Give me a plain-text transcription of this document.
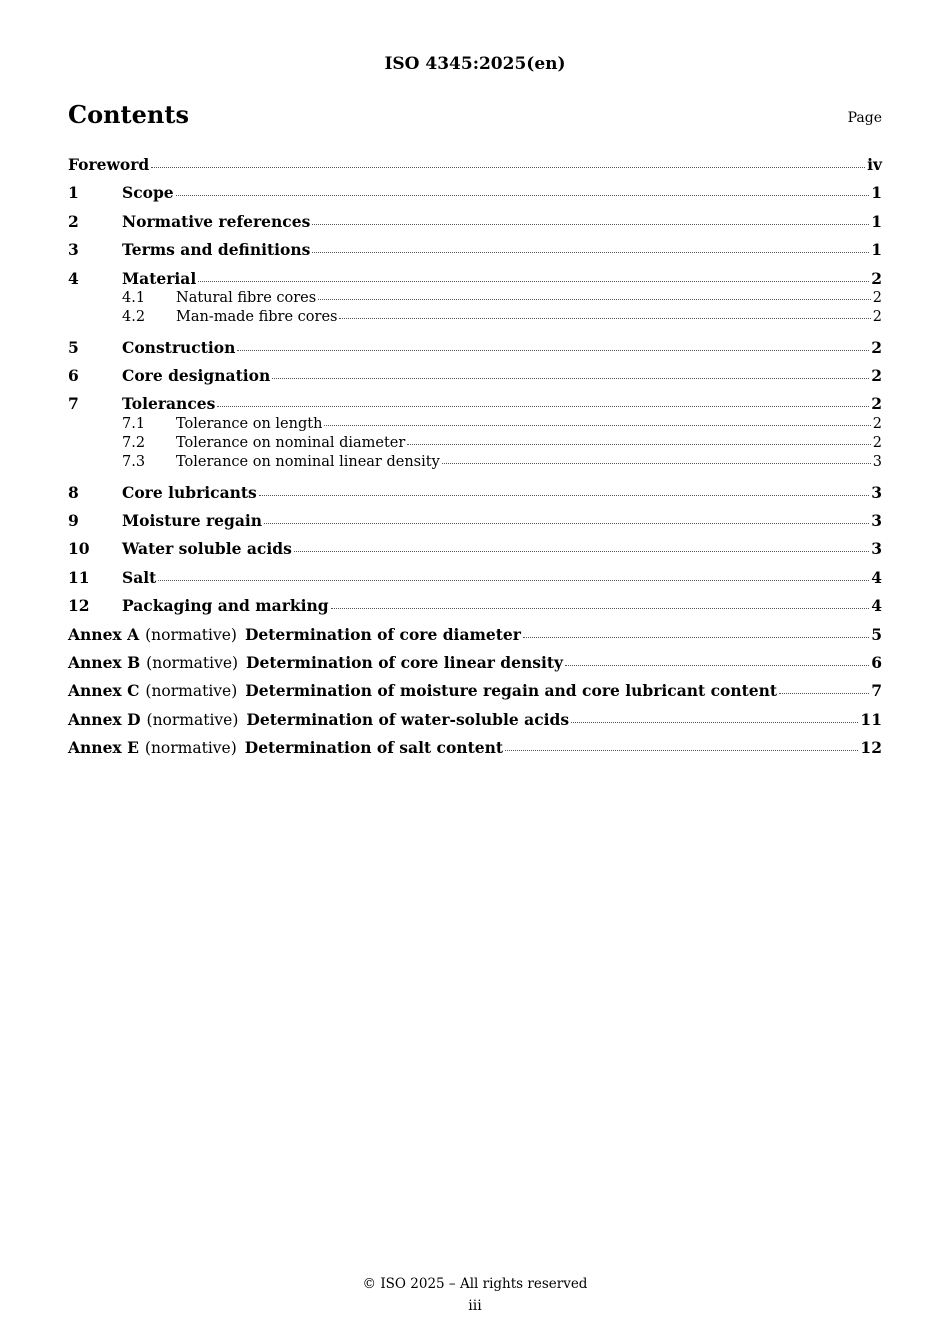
ISO 4345:2025(en)
Contents	Page
Foreword	iv
1	Scope	1
2	Normative references	1
3	Terms and definitions	1
4	Material	2
4.1	Natural fibre cores	2
4.2	Man-made fibre cores	2
5	Construction	2
6	Core designation	2
7	Tolerances	2
7.1	Tolerance on length	2
7.2	Tolerance on nominal diameter	2
7.3	Tolerance on nominal linear density	3
8	Core lubricants	3
9	Moisture regain	3
10	Water soluble acids	3
11	Salt	4
12	Packaging and marking	4
Annex A (normative) Determination of core diameter	5
Annex B (normative) Determination of core linear density	6
Annex C (normative) Determination of moisture regain and core lubricant content	7
Annex D (normative) Determination of water-soluble acids	11
Annex E (normative) Determination of salt content	12
© ISO 2025 – All rights reserved
iii
